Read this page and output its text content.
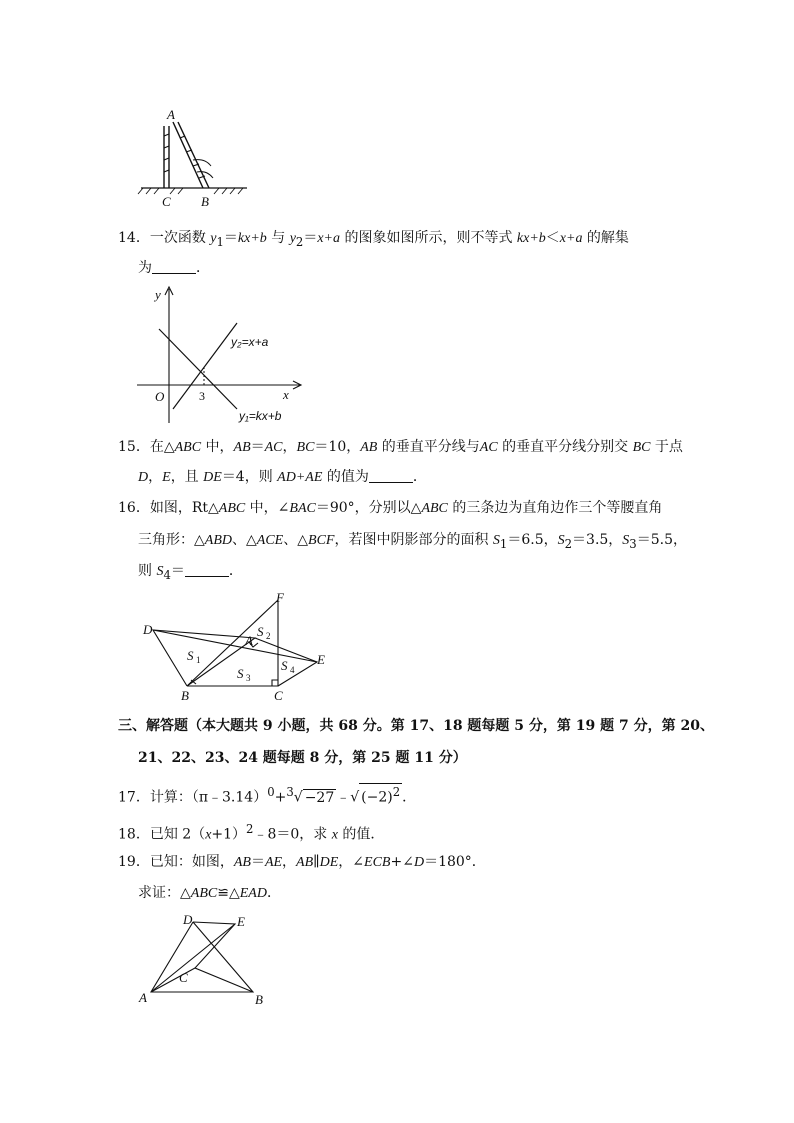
A
C B
14．一次函数 $y_1=kx+b$ 与 $y_2=x+a$ 的图象如图所示，则不等式 kx+b＜x+a 的解集
为	．
y
x
O	3
y₂=x+a
y₁=kx+b
15．在△ABC 中，AB＝AC，BC＝10，AB 的垂直平分线与AC 的垂直平分线分别交 BC 于点
D，E，且 DE＝4，则 AD+AE 的值为	．
16．如图，Rt△ABC 中，∠BAC＝90°，分别以△ABC 的三条边为直角边作三个等腰直角
三角形：△ABD、△ACE、△BCF，若图中阴影部分的面积 $S_1=6.5$，$S_2=3.5$，$S_3=5.5$，
则 $S_4=$	．
D
F
A
E
B	C
S 1
S 2
S 3
S 4
三、解答题（本大题共 9 小题，共 68 分。第 17、18 题每题 5 分，第 19 题 7 分，第 20、
21、22、23、24 题每题 8 分，第 25 题 11 分）
17．计算：（π﹣3.14）$^0$+$^3$√ −27 ﹣√ $(-2)^2$ ．
18．已知 $2(x+1)^2﹣8=0$，求 x 的值．
19．已知：如图，AB＝AE，AB∥DE，∠ECB+∠D＝180°．
求证：△ABC≌△EAD．
D	E
C
A	B
